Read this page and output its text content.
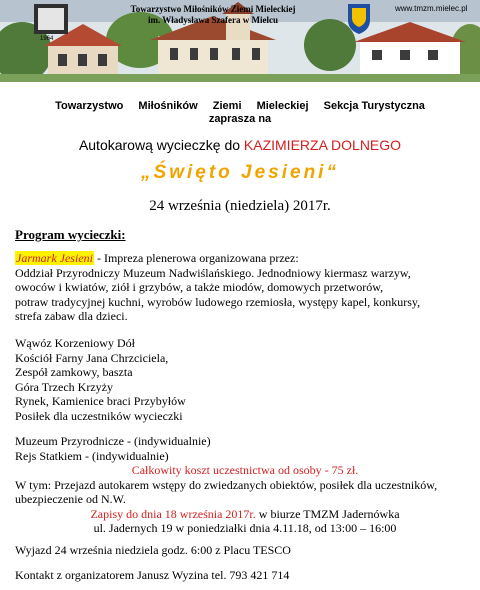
Towarzystwo Miłośników Ziemi Mieleckiej
im. Władysława Szafera w Mielcu
www.tmzm.mielec.pl
1964
Towarzystwo Miłośników Ziemi Mieleckiej Sekcja Turystyczna
zaprasza na
Autokarową wycieczkę do KAZIMIERZA DOLNEGO
„Święto Jesieni“
24 września (niedziela) 2017r.
Program wycieczki:
Jarmark Jesieni - Impreza plenerowa organizowana przez:
Oddział Przyrodniczy Muzeum Nadwiślańskiego. Jednodniowy kiermasz warzyw,
owoców i kwiatów, ziół i grzybów, a także miodów, domowych przetworów,
potraw tradycyjnej kuchni, wyrobów ludowego rzemiosła, występy kapel, konkursy,
strefa zabaw dla dzieci.
Wąwóz Korzeniowy Dół
Kościół Farny Jana Chrzciciela,
Zespół zamkowy, baszta
Góra Trzech Krzyży
Rynek, Kamienice braci Przybyłów
Posiłek dla uczestników wycieczki
Muzeum Przyrodnicze - (indywidualnie)
Rejs Statkiem - (indywidualnie)
Całkowity koszt uczestnictwa od osoby - 75 zł.
W tym: Przejazd autokarem wstępy do zwiedzanych obiektów, posiłek dla uczestników,
ubezpieczenie od N.W.
Zapisy do dnia 18 września 2017r. w biurze TMZM Jadernówka
ul. Jadernych 19 w poniedziałki dnia 4.11.18, od 13:00 – 16:00
Wyjazd 24 września niedziela godz. 6:00 z Placu TESCO
Kontakt z organizatorem Janusz Wyzina tel. 793 421 714
